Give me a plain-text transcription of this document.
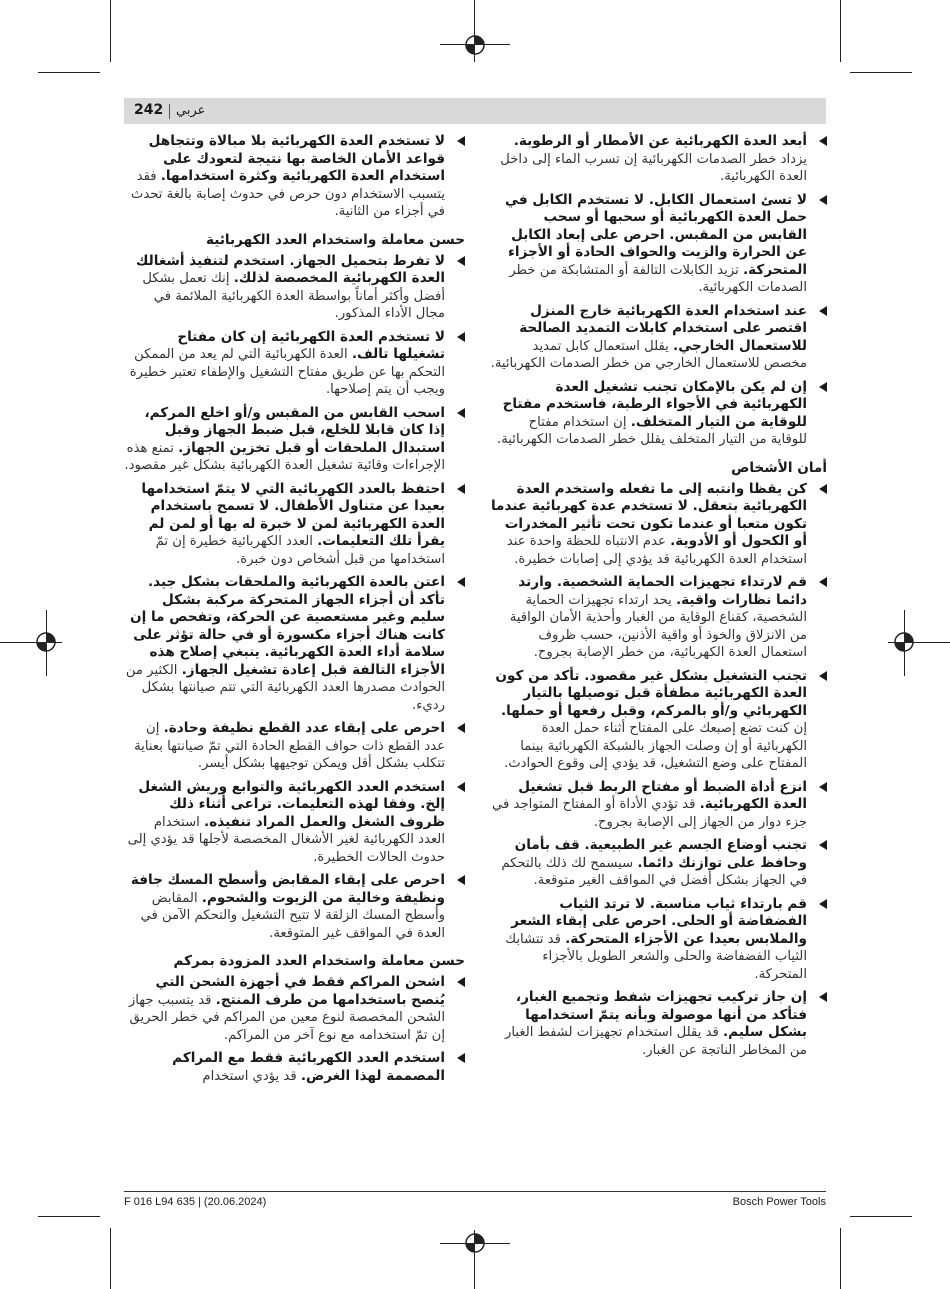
242 عربي
أبعد العدة الكهربائية عن الأمطار أو الرطوبة. يزداد خطر الصدمات الكهربائية إن تسرب الماء إلى داخل العدة الكهربائية.
لا تسئ استعمال الكابل. لا تستخدم الكابل في حمل العدة الكهربائية أو سحبها أو سحب القابس من المقبس. احرص على إبعاد الكابل عن الحرارة والزيت والحواف الحادة أو الأجزاء المتحركة. تزيد الكابلات التالفة أو المتشابكة من خطر الصدمات الكهربائية.
عند استخدام العدة الكهربائية خارج المنزل اقتصر على استخدام كابلات التمديد الصالحة للاستعمال الخارجي. يقلل استعمال كابل تمديد مخصص للاستعمال الخارجي من خطر الصدمات الكهربائية.
إن لم يكن بالإمكان تجنب تشغيل العدة الكهربائية في الأجواء الرطبة، فاستخدم مفتاح للوقاية من التيار المتخلف. إن استخدام مفتاح للوقاية من التيار المتخلف يقلل خطر الصدمات الكهربائية.
أمان الأشخاص
كن يقظا وانتبه إلى ما تفعله واستخدم العدة الكهربائية بتعقل. لا تستخدم عدة كهربائية عندما تكون متعبا أو عندما تكون تحت تأثير المخدرات أو الكحول أو الأدوية. عدم الانتباه للحظة واحدة عند استخدام العدة الكهربائية قد يؤدي إلى إصابات خطيرة.
قم لارتداء تجهيزات الحماية الشخصية. وارتد دائما نظارات واقية. يحد ارتداء تجهيزات الحماية الشخصية، كقناع الوقاية من الغبار وأحذية الأمان الواقية من الانزلاق والخوذ أو واقية الأذنين، حسب ظروف استعمال العدة الكهربائية، من خطر الإصابة بجروح.
تجنب التشغيل بشكل غير مقصود. تأكد من كون العدة الكهربائية مطفأة قبل توصيلها بالتيار الكهربائي و/أو بالمركم، وقبل رفعها أو حملها. إن كنت تضع إصبعك على المفتاح أثناء حمل العدة الكهربائية أو إن وصلت الجهاز بالشبكة الكهربائية بينما المفتاح على وضع التشغيل، قد يؤدي إلى وقوع الحوادث.
انزع أداة الضبط أو مفتاح الربط قبل تشغيل العدة الكهربائية. قد تؤدي الأداة أو المفتاح المتواجد في جزء دوار من الجهاز إلى الإصابة بجروح.
تجنب أوضاع الجسم غير الطبيعية. قف بأمان وحافظ على توازنك دائما. سيسمح لك ذلك بالتحكم في الجهاز بشكل أفضل في المواقف الغير متوقعة.
قم بارتداء ثياب مناسبة. لا ترتد الثياب الفضفاضة أو الحلى. احرص على إبقاء الشعر والملابس بعيدا عن الأجزاء المتحركة. قد تتشابك الثياب الفضفاضة والحلى والشعر الطويل بالأجزاء المتحركة.
إن جاز تركيب تجهيزات شفط وتجميع الغبار، فتأكد من أنها موصولة وبأنه يتمّ استخدامها بشكل سليم. قد يقلل استخدام تجهيزات لشفط الغبار من المخاطر الناتجة عن الغبار.
لا تستخدم العدة الكهربائية بلا مبالاة وتتجاهل قواعد الأمان الخاصة بها نتيجة لتعودك على استخدام العدة الكهربائية وكثرة استخدامها. فقد يتسبب الاستخدام دون حرص في حدوث إصابة بالغة تحدث في أجزاء من الثانية.
حسن معاملة واستخدام العدد الكهربائية
لا تفرط بتحميل الجهاز. استخدم لتنفيذ أشغالك العدة الكهربائية المخصصة لذلك. إنك تعمل بشكل أفضل وأكثر أماناً بواسطة العدة الكهربائية الملائمة في مجال الأداء المذكور.
لا تستخدم العدة الكهربائية إن كان مفتاح تشغيلها تالف. العدة الكهربائية التي لم يعد من الممكن التحكم بها عن طريق مفتاح التشغيل والإطفاء تعتبر خطيرة ويجب أن يتم إصلاحها.
اسحب القابس من المقبس و/أو اخلع المركم، إذا كان قابلا للخلع، قبل ضبط الجهاز وقبل استبدال الملحقات أو قبل تخزين الجهاز. تمنع هذه الإجراءات وقائية تشغيل العدة الكهربائية بشكل غير مقصود.
احتفظ بالعدد الكهربائية التي لا يتمّ استخدامها بعيدا عن متناول الأطفال. لا تسمح باستخدام العدة الكهربائية لمن لا خبرة له بها أو لمن لم يقرأ تلك التعليمات. العدد الكهربائية خطيرة إن تمّ استخدامها من قبل أشخاص دون خبرة.
اعتن بالعدة الكهربائية والملحقات بشكل جيد. تأكد أن أجزاء الجهاز المتحركة مركبة بشكل سليم وغير مستعصية عن الحركة، وتفحص ما إن كانت هناك أجزاء مكسورة أو في حالة تؤثر على سلامة أداء العدة الكهربائية. ينبغي إصلاح هذه الأجزاء التالفة قبل إعادة تشغيل الجهاز. الكثير من الحوادث مصدرها العدد الكهربائية التي تتم صيانتها بشكل رديء.
احرص على إبقاء عدد القطع نظيفة وحادة. إن عدد القطع ذات حواف القطع الحادة التي تمّ صيانتها بعناية تتكلب بشكل أقل ويمكن توجيهها بشكل أيسر.
استخدم العدد الكهربائية والتوابع وريش الشغل إلخ. وفقا لهذه التعليمات. تراعى أثناء ذلك ظروف الشغل والعمل المراد تنفيذه. استخدام العدد الكهربائية لغير الأشغال المخصصة لأجلها قد يؤدي إلى حدوث الحالات الخطيرة.
احرص على إبقاء المقابض وأسطح المسك جافة ونظيفة وخالية من الزيوت والشحوم. المقابض وأسطح المسك الزلقة لا تتيح التشغيل والتحكم الآمن في العدة في المواقف غير المتوقعة.
حسن معاملة واستخدام العدد المزودة بمركم
اشحن المراكم فقط في أجهزة الشحن التي يُنصح باستخدامها من طرف المنتج. قد يتسبب جهاز الشحن المخصصة لنوع معين من المراكم في خطر الحريق إن تمّ استخدامه مع نوع آخر من المراكم.
استخدم العدد الكهربائية فقط مع المراكم المصممة لهذا الغرض. قد يؤدي استخدام
F 016 L94 635 | (20.06.2024)	Bosch Power Tools
